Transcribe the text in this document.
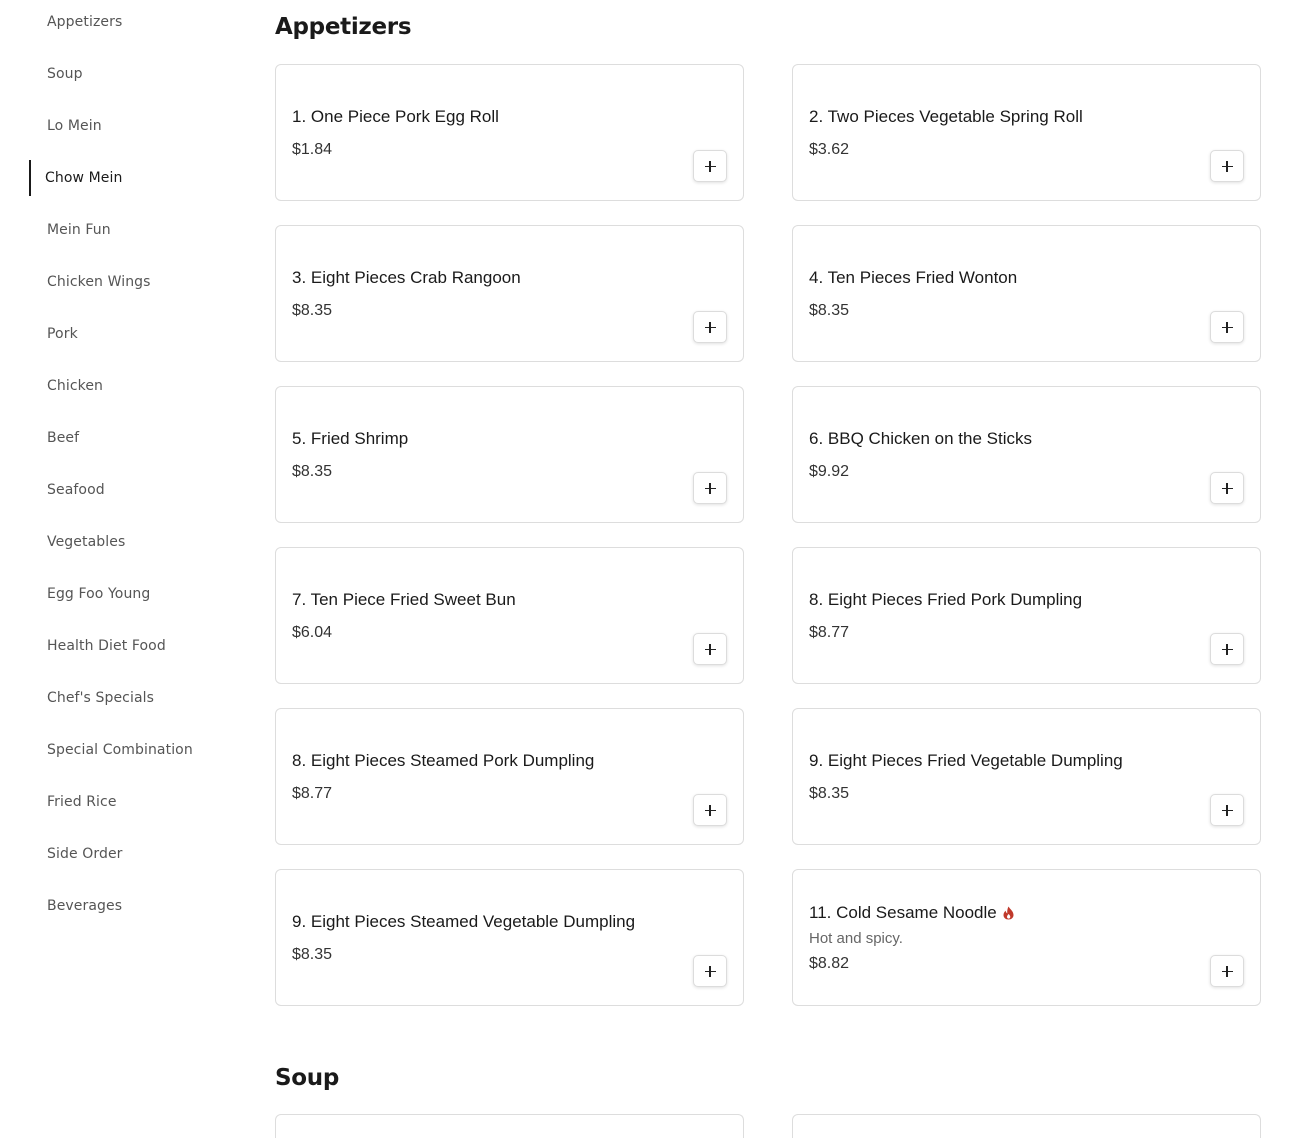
Appetizers
Soup
Lo Mein
Chow Mein
Mein Fun
Chicken Wings
Pork
Chicken
Beef
Seafood
Vegetables
Egg Foo Young
Health Diet Food
Chef's Specials
Special Combination
Fried Rice
Side Order
Beverages
Appetizers
1. One Piece Pork Egg Roll
$1.84
2. Two Pieces Vegetable Spring Roll
$3.62
3. Eight Pieces Crab Rangoon
$8.35
4. Ten Pieces Fried Wonton
$8.35
5. Fried Shrimp
$8.35
6. BBQ Chicken on the Sticks
$9.92
7. Ten Piece Fried Sweet Bun
$6.04
8. Eight Pieces Fried Pork Dumpling
$8.77
8. Eight Pieces Steamed Pork Dumpling
$8.77
9. Eight Pieces Fried Vegetable Dumpling
$8.35
9. Eight Pieces Steamed Vegetable Dumpling
$8.35
11. Cold Sesame Noodle
Hot and spicy.
$8.82
Soup
